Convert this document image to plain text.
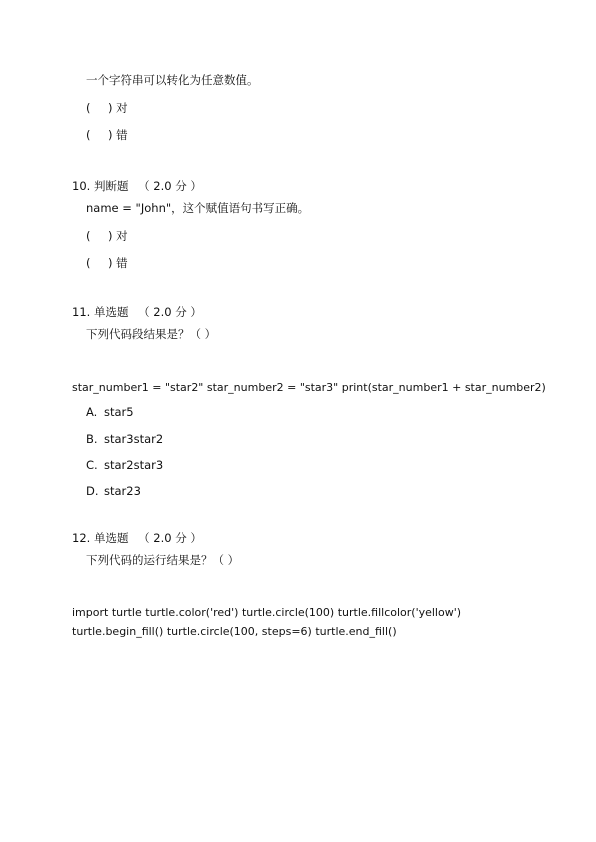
一个字符串可以转化为任意数值。
( ) 对
( ) 错
10. 判断题 （ 2.0 分 ）
name = "John"，这个赋值语句书写正确。
( ) 对
( ) 错
11. 单选题 （ 2.0 分 ）
下列代码段结果是？（ ）
star_number1 = "star2" star_number2 = "star3" print(star_number1 + star_number2)
A. star5
B. star3star2
C. star2star3
D. star23
12. 单选题 （ 2.0 分 ）
下列代码的运行结果是？（ ）
import turtle turtle.color('red') turtle.circle(100) turtle.fillcolor('yellow') turtle.begin_fill() turtle.circle(100, steps=6) turtle.end_fill()
